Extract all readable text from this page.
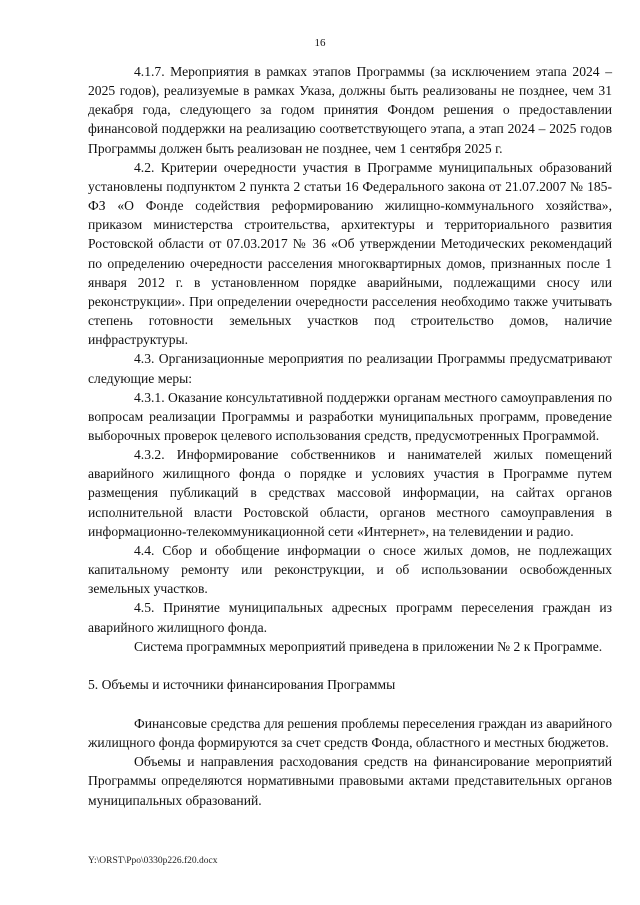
16

4.1.7. Мероприятия в рамках этапов Программы (за исключением этапа 2024 – 2025 годов), реализуемые в рамках Указа, должны быть реализованы не позднее, чем 31 декабря года, следующего за годом принятия Фондом решения о предоставлении финансовой поддержки на реализацию соответствующего этапа, а этап 2024 – 2025 годов Программы должен быть реализован не позднее, чем 1 сентября 2025 г.

4.2. Критерии очередности участия в Программе муниципальных образований установлены подпунктом 2 пункта 2 статьи 16 Федерального закона от 21.07.2007 № 185-ФЗ «О Фонде содействия реформированию жилищно-коммунального хозяйства», приказом министерства строительства, архитектуры и территориального развития Ростовской области от 07.03.2017 № 36 «Об утверждении Методических рекомендаций по определению очередности расселения многоквартирных домов, признанных после 1 января 2012 г. в установленном порядке аварийными, подлежащими сносу или реконструкции». При определении очередности расселения необходимо также учитывать степень готовности земельных участков под строительство домов, наличие инфраструктуры.

4.3. Организационные мероприятия по реализации Программы предусматривают следующие меры:

4.3.1. Оказание консультативной поддержки органам местного самоуправления по вопросам реализации Программы и разработки муниципальных программ, проведение выборочных проверок целевого использования средств, предусмотренных Программой.

4.3.2. Информирование собственников и нанимателей жилых помещений аварийного жилищного фонда о порядке и условиях участия в Программе путем размещения публикаций в средствах массовой информации, на сайтах органов исполнительной власти Ростовской области, органов местного самоуправления в информационно-телекоммуникационной сети «Интернет», на телевидении и радио.

4.4. Сбор и обобщение информации о сносе жилых домов, не подлежащих капитальному ремонту или реконструкции, и об использовании освобожденных земельных участков.

4.5. Принятие муниципальных адресных программ переселения граждан из аварийного жилищного фонда.

Система программных мероприятий приведена в приложении № 2 к Программе.

5. Объемы и источники финансирования Программы

Финансовые средства для решения проблемы переселения граждан из аварийного жилищного фонда формируются за счет средств Фонда, областного и местных бюджетов.

Объемы и направления расходования средств на финансирование мероприятий Программы определяются нормативными правовыми актами представительных органов муниципальных образований.

Y:\ORST\Ppo\0330p226.f20.docx
